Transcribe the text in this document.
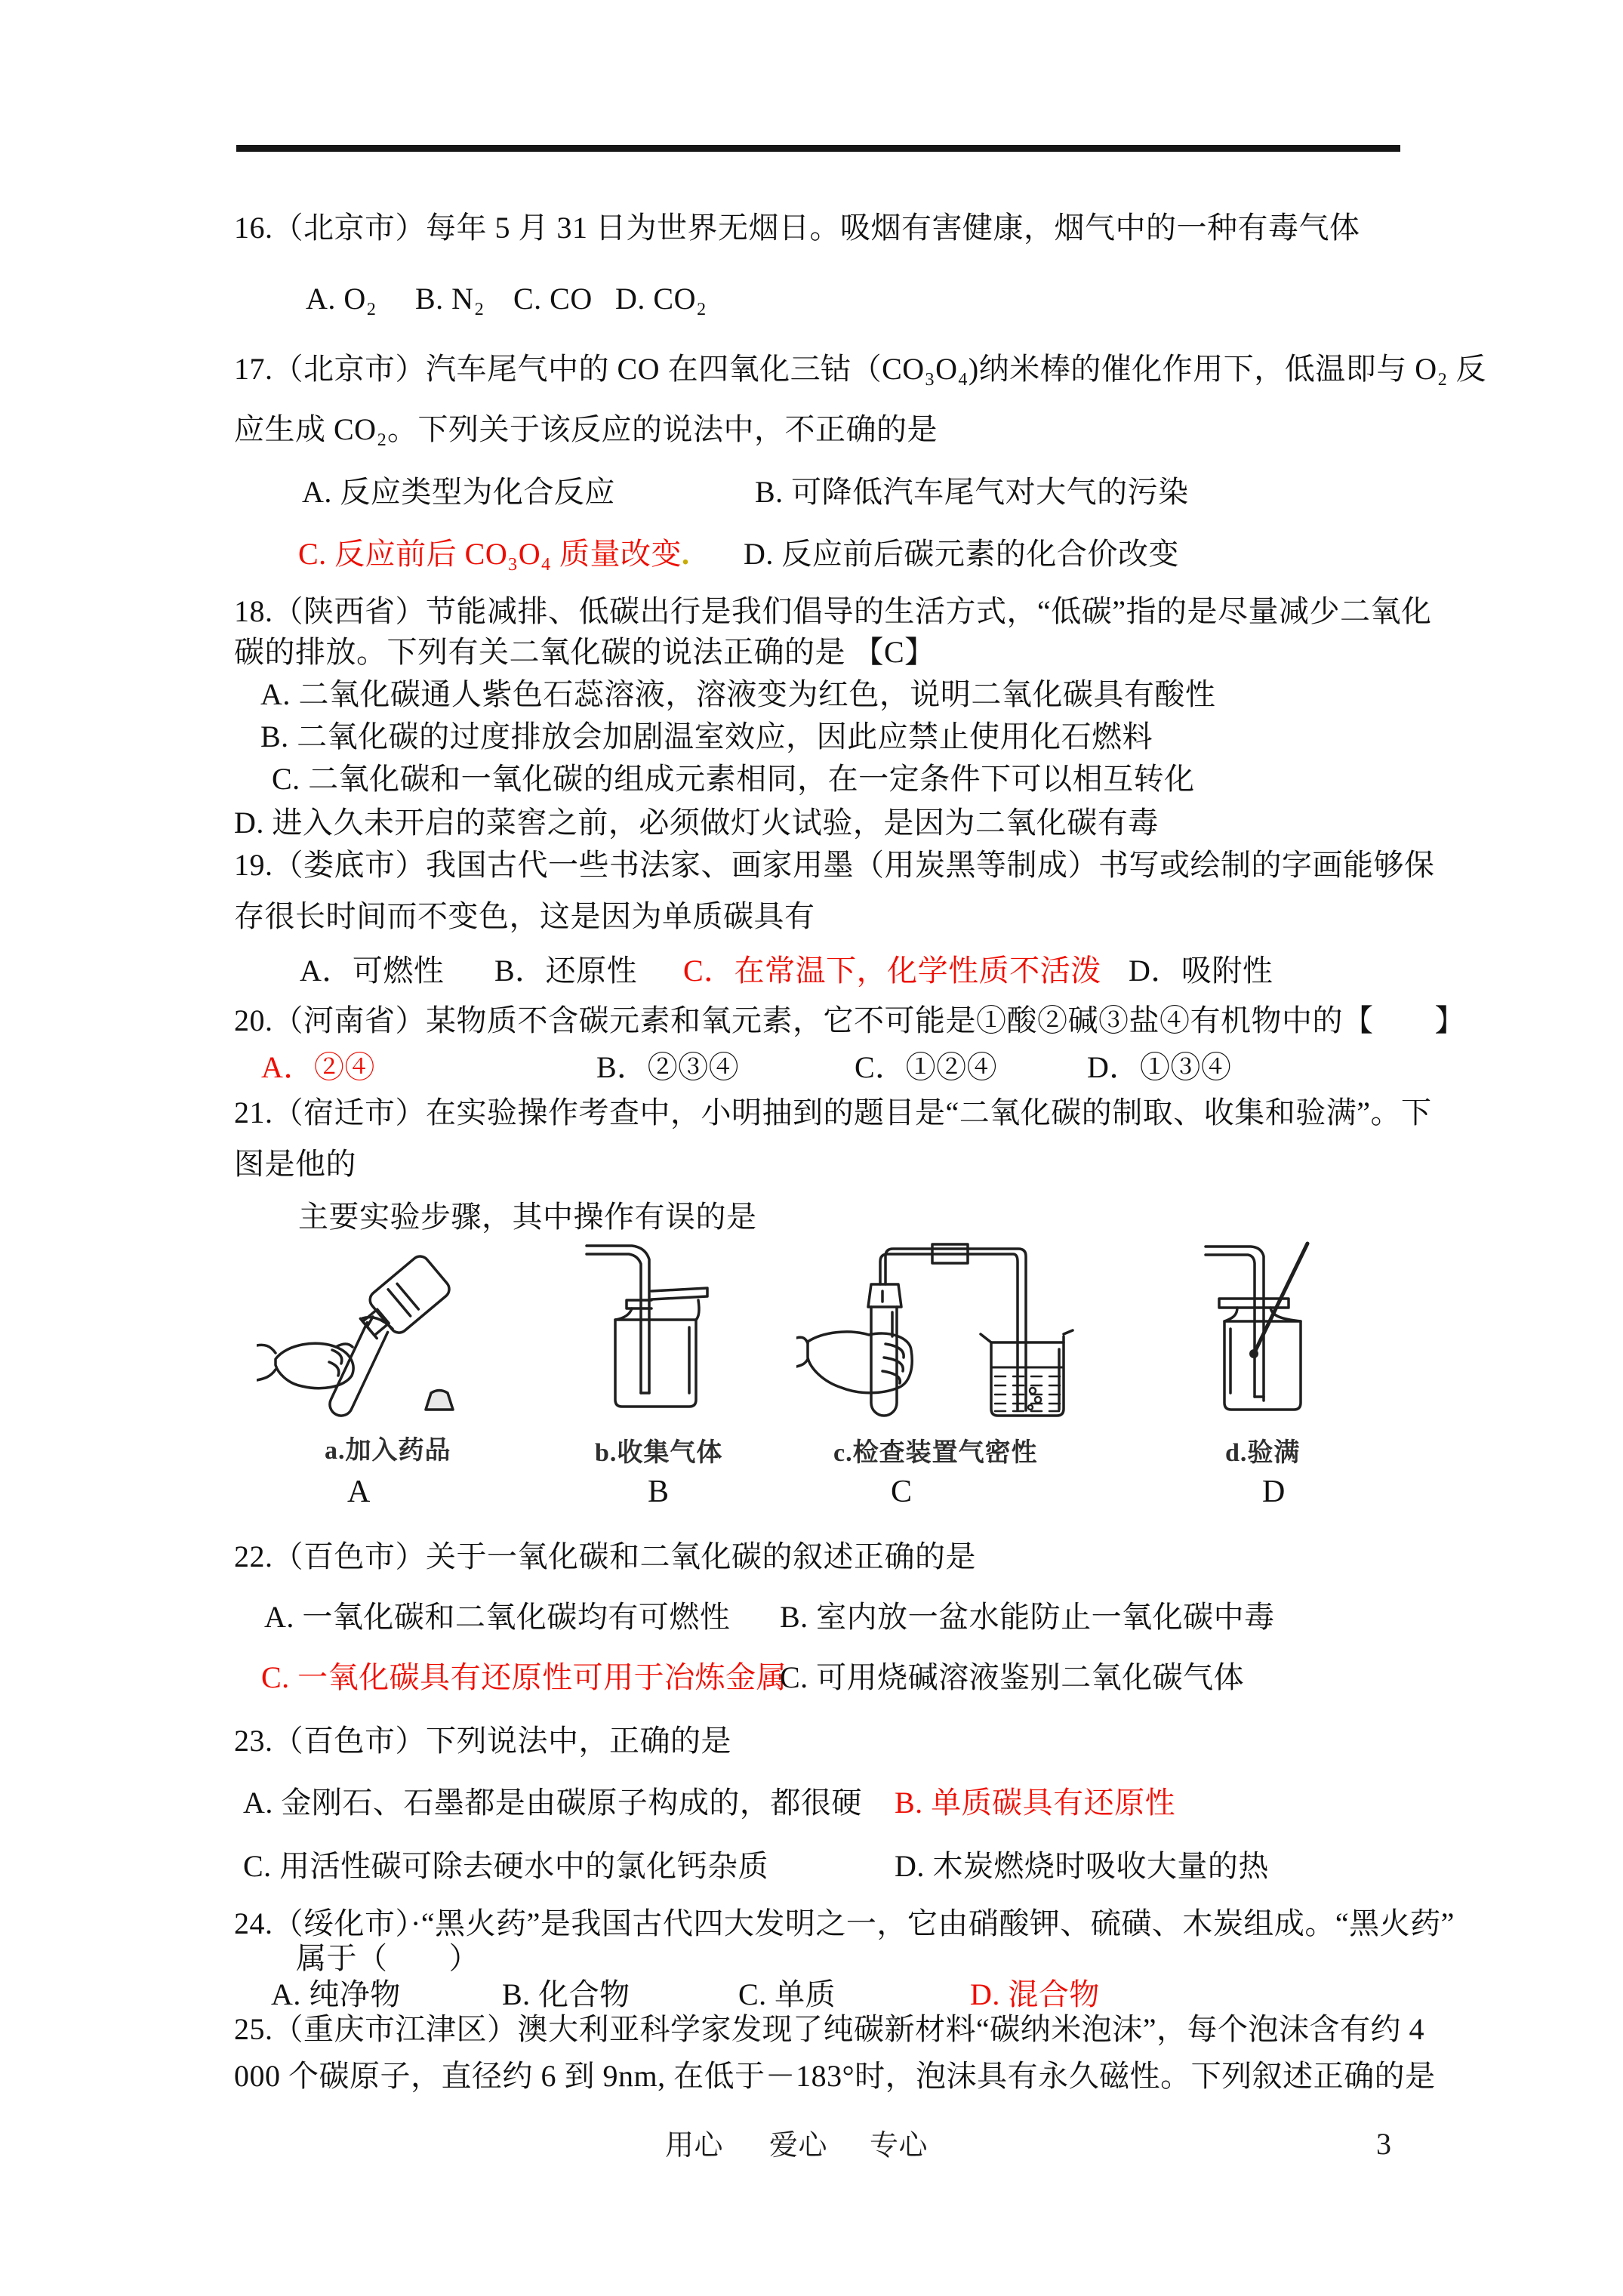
16.（北京市）每年 5 月 31 日为世界无烟日。吸烟有害健康，烟气中的一种有毒气体
A. O₂ B. N₂ C. CO D. CO₂
17.（北京市）汽车尾气中的 CO 在四氧化三钴（CO₃O₄)纳米棒的催化作用下，低温即与 O₂ 反
应生成 CO₂。下列关于该反应的说法中，不正确的是
A. 反应类型为化合反应	B. 可降低汽车尾气对大气的污染
C. 反应前后 CO₃O₄ 质量改变 . D. 反应前后碳元素的化合价改变
18.（陕西省）节能减排、低碳出行是我们倡导的生活方式，“低碳”指的是尽量减少二氧化
碳的排放。下列有关二氧化碳的说法正确的是 【C】
A. 二氧化碳通人紫色石蕊溶液，溶液变为红色，说明二氧化碳具有酸性
B. 二氧化碳的过度排放会加剧温室效应，因此应禁止使用化石燃料
C. 二氧化碳和一氧化碳的组成元素相同，在一定条件下可以相互转化
D. 进入久未开启的菜窖之前，必须做灯火试验，是因为二氧化碳有毒
19.（娄底市）我国古代一些书法家、画家用墨（用炭黑等制成）书写或绘制的字画能够保
存很长时间而不变色，这是因为单质碳具有
A．可燃性 B．还原性 C．在常温下，化学性质不活泼 D．吸附性
20.（河南省）某物质不含碳元素和氧元素，它不可能是①酸②碱③盐④有机物中的【　　】
A．②④	B．②③④	C．①②④	D．①③④
21.（宿迁市）在实验操作考查中，小明抽到的题目是“二氧化碳的制取、收集和验满”。下
图是他的
主要实验步骤，其中操作有误的是
a.加入药品	b.收集气体	c.检查装置气密性	d.验满
A	B	C	D
22.（百色市）关于一氧化碳和二氧化碳的叙述正确的是
A. 一氧化碳和二氧化碳均有可燃性 B. 室内放一盆水能防止一氧化碳中毒
C. 一氧化碳具有还原性可用于冶炼金属
C. 可用烧碱溶液鉴别二氧化碳气体
23.（百色市）下列说法中，正确的是
A. 金刚石、石墨都是由碳原子构成的，都很硬 B. 单质碳具有还原性
C. 用活性碳可除去硬水中的氯化钙杂质	D. 木炭燃烧时吸收大量的热
24.（绥化市）·“黑火药”是我国古代四大发明之一，它由硝酸钾、硫磺、木炭组成。“黑火药”
属于（　　）
A. 纯净物	B. 化合物	C. 单质	D. 混合物
25.（重庆市江津区）澳大利亚科学家发现了纯碳新材料“碳纳米泡沫”，每个泡沫含有约 4
000 个碳原子，直径约 6 到 9nm, 在低于－183°时，泡沫具有永久磁性。下列叙述正确的是
用心 爱心 专心	3
